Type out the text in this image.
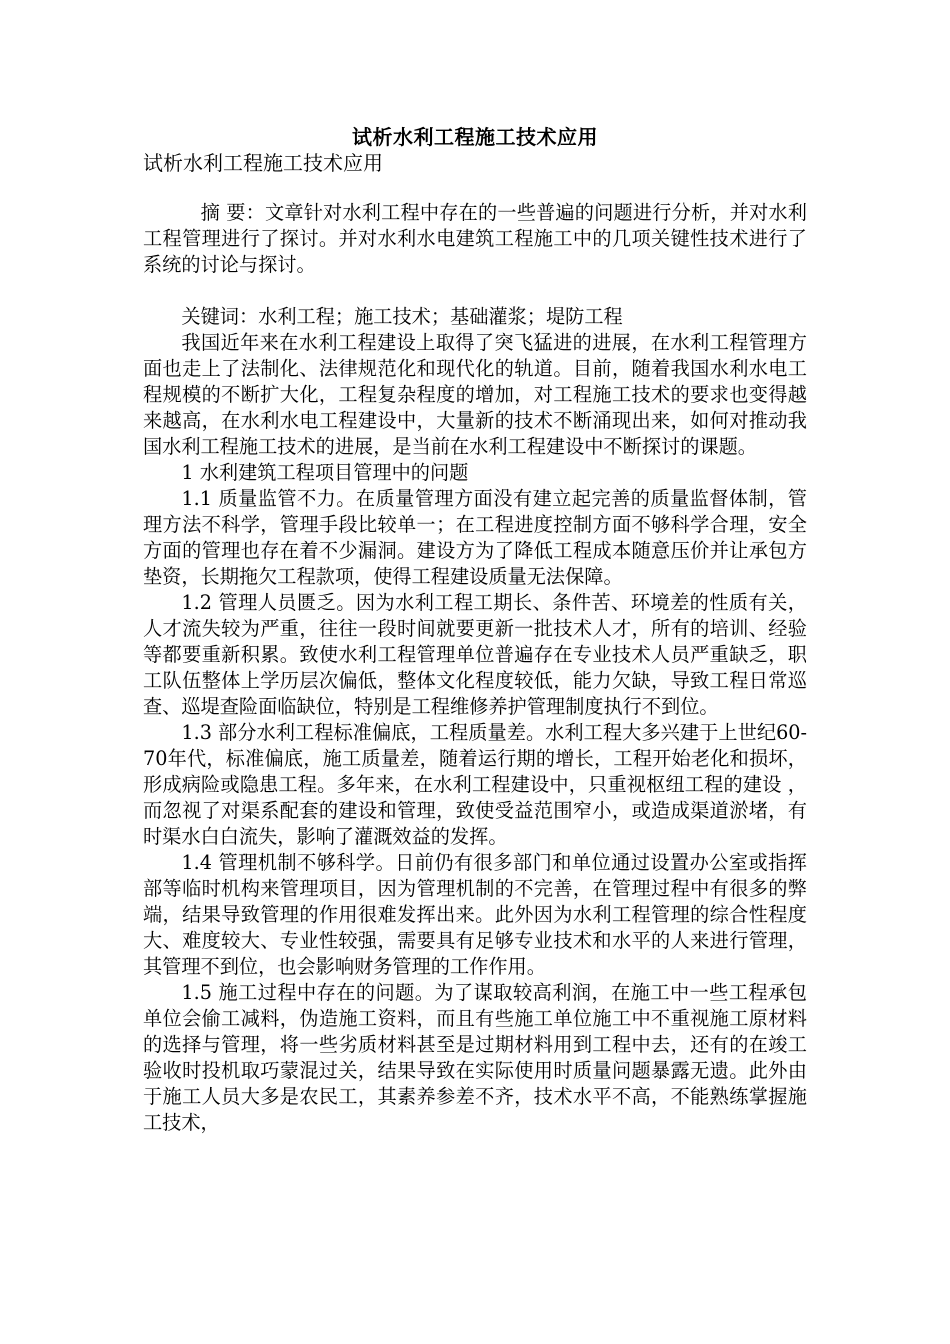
试析水利工程施工技术应用
试析水利工程施工技术应用

摘 要：文章针对水利工程中存在的一些普遍的问题进行分析，并对水利工程管理进行了探讨。并对水利水电建筑工程施工中的几项关键性技术进行了系统的讨论与探讨。

关键词：水利工程；施工技术；基础灌浆；堤防工程

我国近年来在水利工程建设上取得了突飞猛进的进展，在水利工程管理方面也走上了法制化、法律规范化和现代化的轨道。目前，随着我国水利水电工程规模的不断扩大化，工程复杂程度的增加，对工程施工技术的要求也变得越来越高，在水利水电工程建设中，大量新的技术不断涌现出来，如何对推动我国水利工程施工技术的进展，是当前在水利工程建设中不断探讨的课题。

1 水利建筑工程项目管理中的问题

1.1 质量监管不力。在质量管理方面没有建立起完善的质量监督体制，管理方法不科学，管理手段比较单一；在工程进度控制方面不够科学合理，安全方面的管理也存在着不少漏洞。建设方为了降低工程成本随意压价并让承包方垫资，长期拖欠工程款项，使得工程建设质量无法保障。

1.2 管理人员匮乏。因为水利工程工期长、条件苦、环境差的性质有关，人才流失较为严重，往往一段时间就要更新一批技术人才，所有的培训、经验等都要重新积累。致使水利工程管理单位普遍存在专业技术人员严重缺乏，职工队伍整体上学历层次偏低，整体文化程度较低，能力欠缺，导致工程日常巡查、巡堤查险面临缺位，特别是工程维修养护管理制度执行不到位。

1.3 部分水利工程标准偏底，工程质量差。水利工程大多兴建于上世纪60-70年代，标准偏底，施工质量差，随着运行期的增长，工程开始老化和损坏，形成病险或隐患工程。多年来，在水利工程建设中，只重视枢纽工程的建设 ，而忽视了对渠系配套的建设和管理，致使受益范围窄小，或造成渠道淤堵，有时渠水白白流失，影响了灌溉效益的发挥。

1.4 管理机制不够科学。日前仍有很多部门和单位通过设置办公室或指挥部等临时机构来管理项目，因为管理机制的不完善，在管理过程中有很多的弊端，结果导致管理的作用很难发挥出来。此外因为水利工程管理的综合性程度大、难度较大、专业性较强，需要具有足够专业技术和水平的人来进行管理，其管理不到位，也会影响财务管理的工作作用。

1.5 施工过程中存在的问题。为了谋取较高利润，在施工中一些工程承包单位会偷工减料，伪造施工资料，而且有些施工单位施工中不重视施工原材料的选择与管理，将一些劣质材料甚至是过期材料用到工程中去，还有的在竣工验收时投机取巧蒙混过关，结果导致在实际使用时质量问题暴露无遗。此外由于施工人员大多是农民工，其素养参差不齐，技术水平不高，不能熟练掌握施工技术，
